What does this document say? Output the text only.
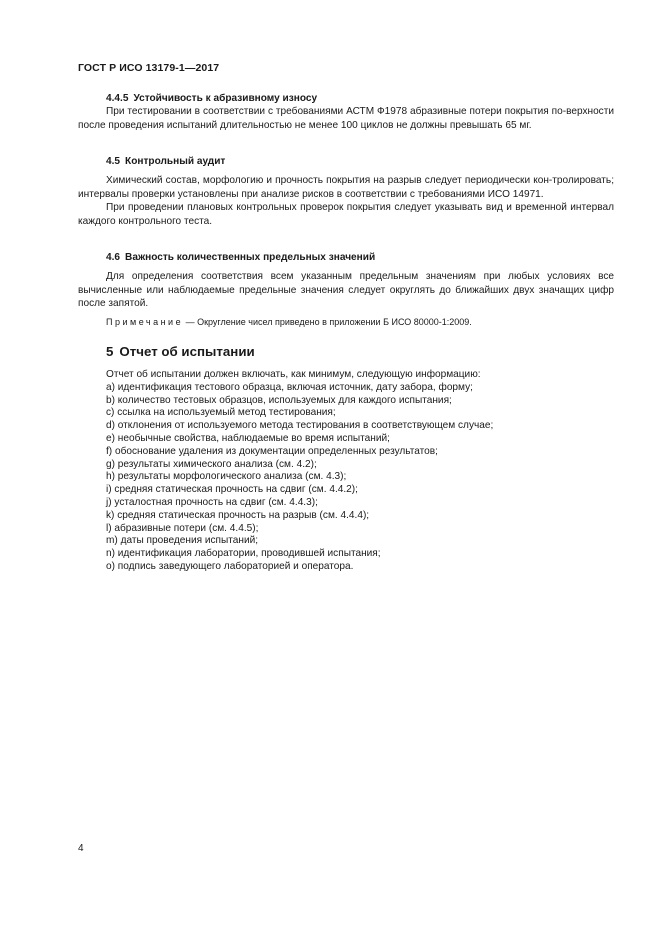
ГОСТ Р ИСО 13179-1—2017
4.4.5 Устойчивость к абразивному износу
При тестировании в соответствии с требованиями АСТМ Ф1978 абразивные потери покрытия по-верхности после проведения испытаний длительностью не менее 100 циклов не должны превышать 65 мг.
4.5 Контрольный аудит
Химический состав, морфологию и прочность покрытия на разрыв следует периодически кон-тролировать; интервалы проверки установлены при анализе рисков в соответствии с требованиями ИСО 14971.
При проведении плановых контрольных проверок покрытия следует указывать вид и временной интервал каждого контрольного теста.
4.6 Важность количественных предельных значений
Для определения соответствия всем указанным предельным значениям при любых условиях все вычисленные или наблюдаемые предельные значения следует округлять до ближайших двух значащих цифр после запятой.
Примечание — Округление чисел приведено в приложении Б ИСО 80000-1:2009.
5 Отчет об испытании
Отчет об испытании должен включать, как минимум, следующую информацию:
a) идентификация тестового образца, включая источник, дату забора, форму;
b) количество тестовых образцов, используемых для каждого испытания;
c) ссылка на используемый метод тестирования;
d) отклонения от используемого метода тестирования в соответствующем случае;
e) необычные свойства, наблюдаемые во время испытаний;
f) обоснование удаления из документации определенных результатов;
g) результаты химического анализа (см. 4.2);
h) результаты морфологического анализа (см. 4.3);
i) средняя статическая прочность на сдвиг (см. 4.4.2);
j) усталостная прочность на сдвиг (см. 4.4.3);
k) средняя статическая прочность на разрыв (см. 4.4.4);
l) абразивные потери (см. 4.4.5);
m) даты проведения испытаний;
n) идентификация лаборатории, проводившей испытания;
o) подпись заведующего лабораторией и оператора.
4
